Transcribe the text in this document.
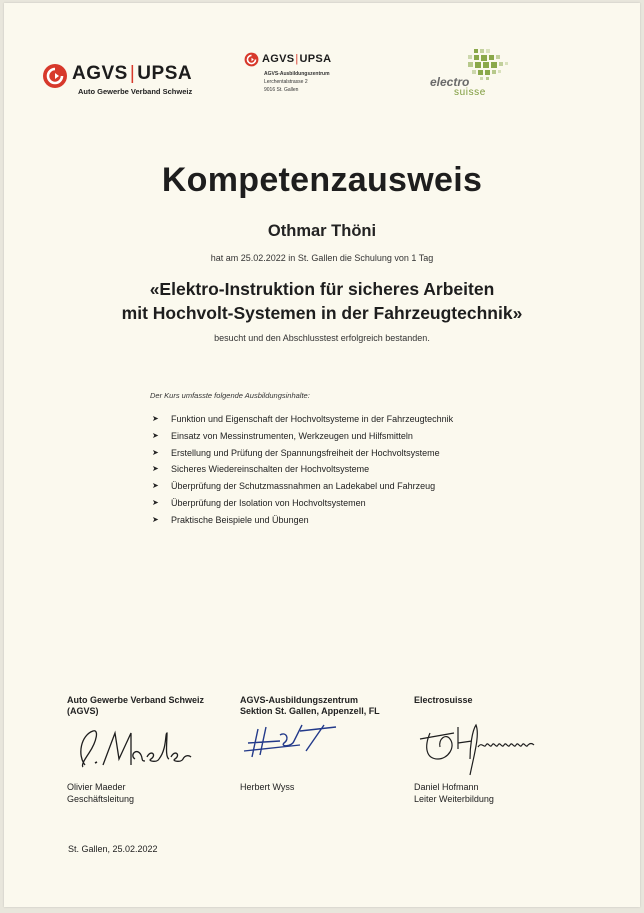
AGVS | UPSA
Auto Gewerbe Verband Schweiz
AGVS|UPSA
AGVS-Ausbildungszentrum
Lerchentalstrasse 2
9016 St. Gallen
electro
suisse
Kompetenzausweis
Othmar Thöni
hat am 25.02.2022 in St. Gallen die Schulung von 1 Tag
«Elektro-Instruktion für sicheres Arbeiten
mit Hochvolt-Systemen in der Fahrzeugtechnik»
besucht und den Abschlusstest erfolgreich bestanden.
Der Kurs umfasste folgende Ausbildungsinhalte:
➤ Funktion und Eigenschaft der Hochvoltsysteme in der Fahrzeugtechnik
➤ Einsatz von Messinstrumenten, Werkzeugen und Hilfsmitteln
➤ Erstellung und Prüfung der Spannungsfreiheit der Hochvoltsysteme
➤ Sicheres Wiedereinschalten der Hochvoltsysteme
➤ Überprüfung der Schutzmassnahmen an Ladekabel und Fahrzeug
➤ Überprüfung der Isolation von Hochvoltsystemen
➤ Praktische Beispiele und Übungen
Auto Gewerbe Verband Schweiz
(AGVS)
Olivier Maeder
Geschäftsleitung
AGVS-Ausbildungszentrum
Sektion St. Gallen, Appenzell, FL
Herbert Wyss
Electrosuisse
Daniel Hofmann
Leiter Weiterbildung
St. Gallen, 25.02.2022
